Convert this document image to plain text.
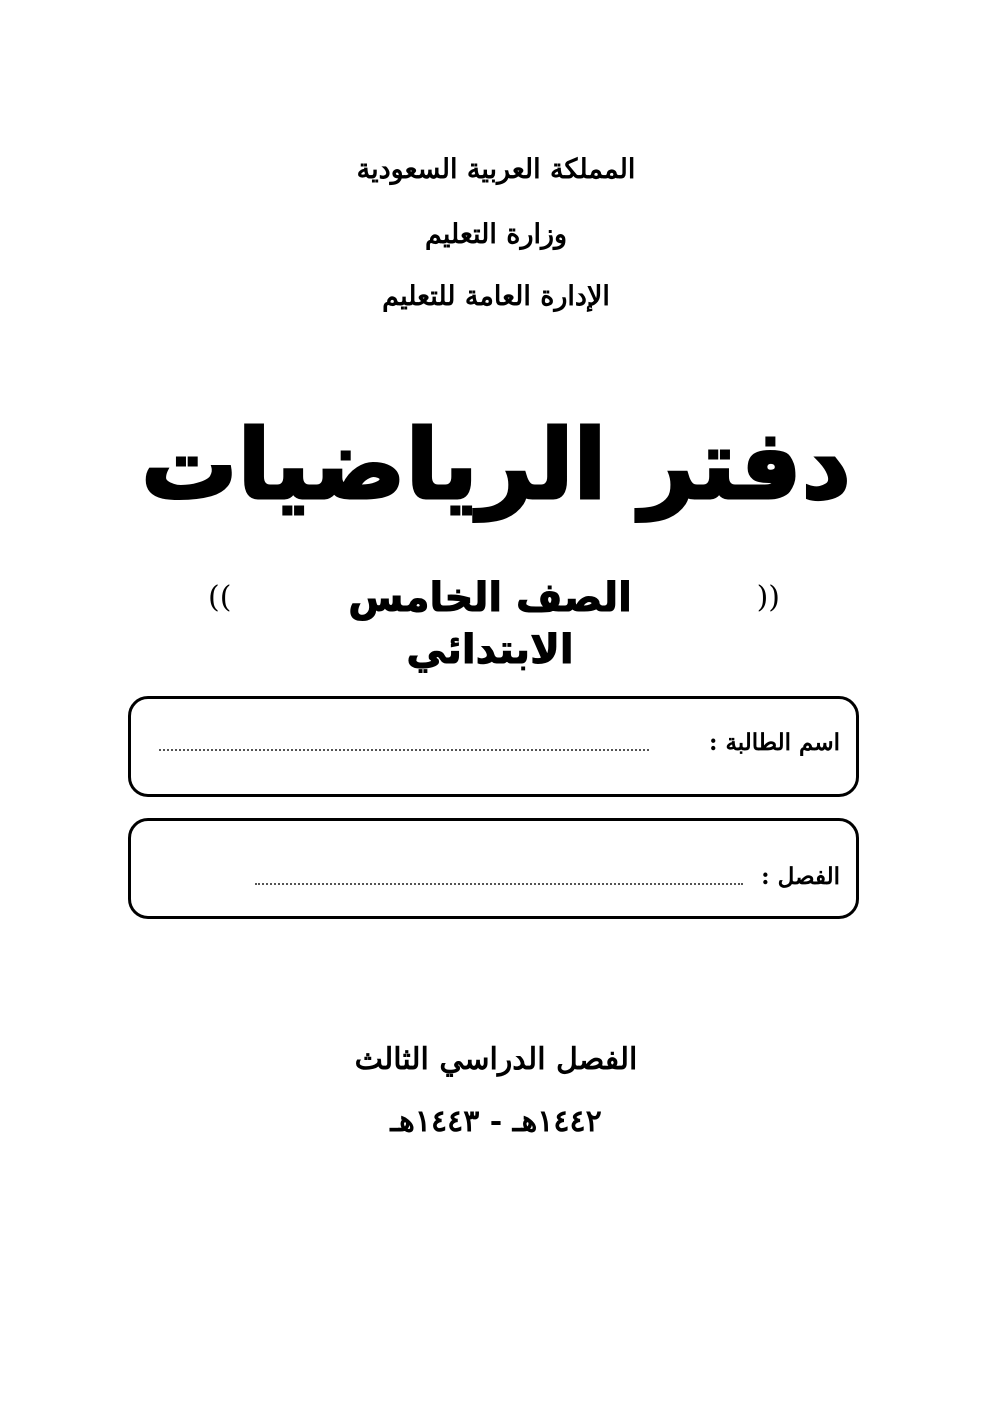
المملكة العربية السعودية
وزارة التعليم
الإدارة العامة للتعليم
دفتر الرياضيات
((
الصف الخامس الابتدائي
))
اسم الطالبة :
الفصل :
الفصل الدراسي الثالث
١٤٤٢هـ - ١٤٤٣هـ
